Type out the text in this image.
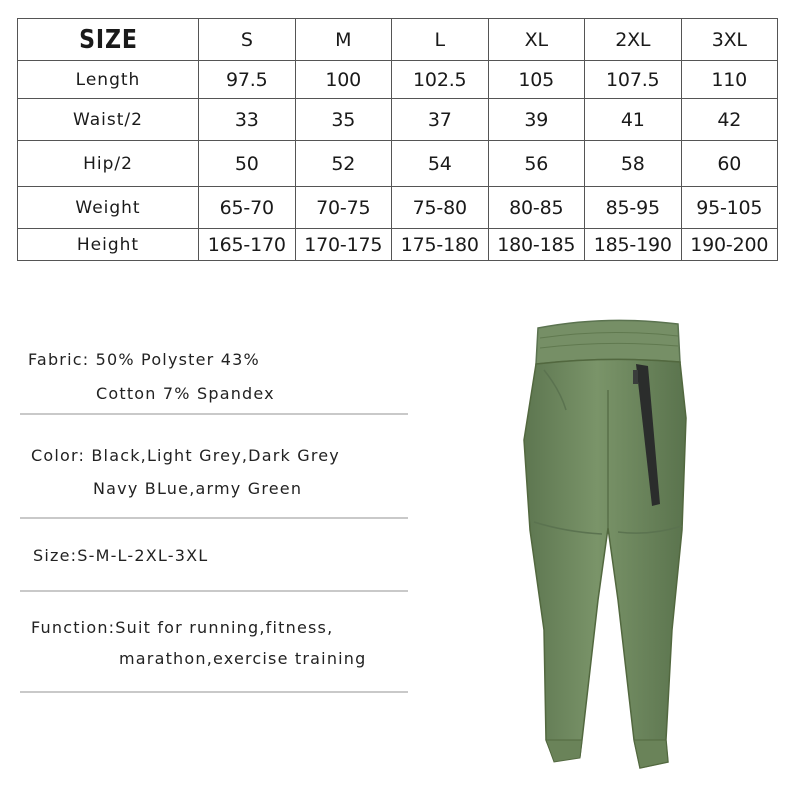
SIZE	S	M	L	XL	2XL	3XL
Length	97.5	100	102.5	105	107.5	110
Waist/2	33	35	37	39	41	42
Hip/2	50	52	54	56	58	60
Weight	65-70	70-75	75-80	80-85	85-95	95-105
Height	165-170	170-175	175-180	180-185	185-190	190-200
Fabric: 50% Polyster 43%
Cotton 7% Spandex
Color: Black,Light Grey,Dark Grey
Navy BLue,army Green
Size:S-M-L-2XL-3XL
Function:Suit for running,fitness,
marathon,exercise training
